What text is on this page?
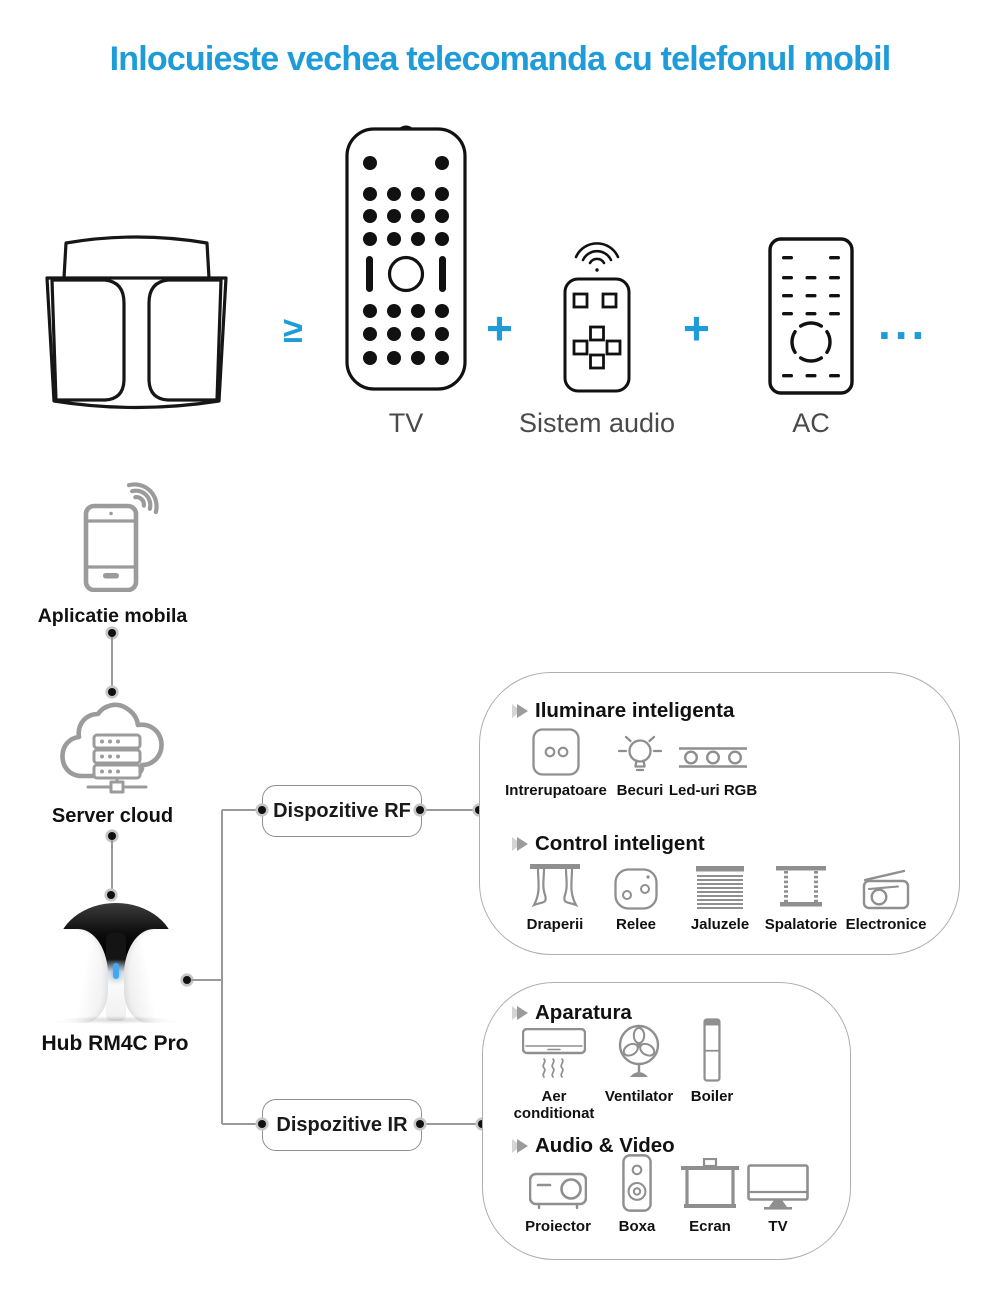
Inlocuieste vechea telecomanda cu telefonul mobil
≥	+	+	...
TV	Sistem audio	AC
Aplicatie mobila
Server cloud
Hub RM4C Pro
Dispozitive RF
Dispozitive IR
Iluminare inteligenta
Intrerupatoare Becuri Led-uri RGB
Control inteligent
Draperii Relee Jaluzele Spalatorie Electronice
Aparatura
Aer conditionat
Ventilator Boiler
Audio & Video
Proiector Boxa Ecran	TV
